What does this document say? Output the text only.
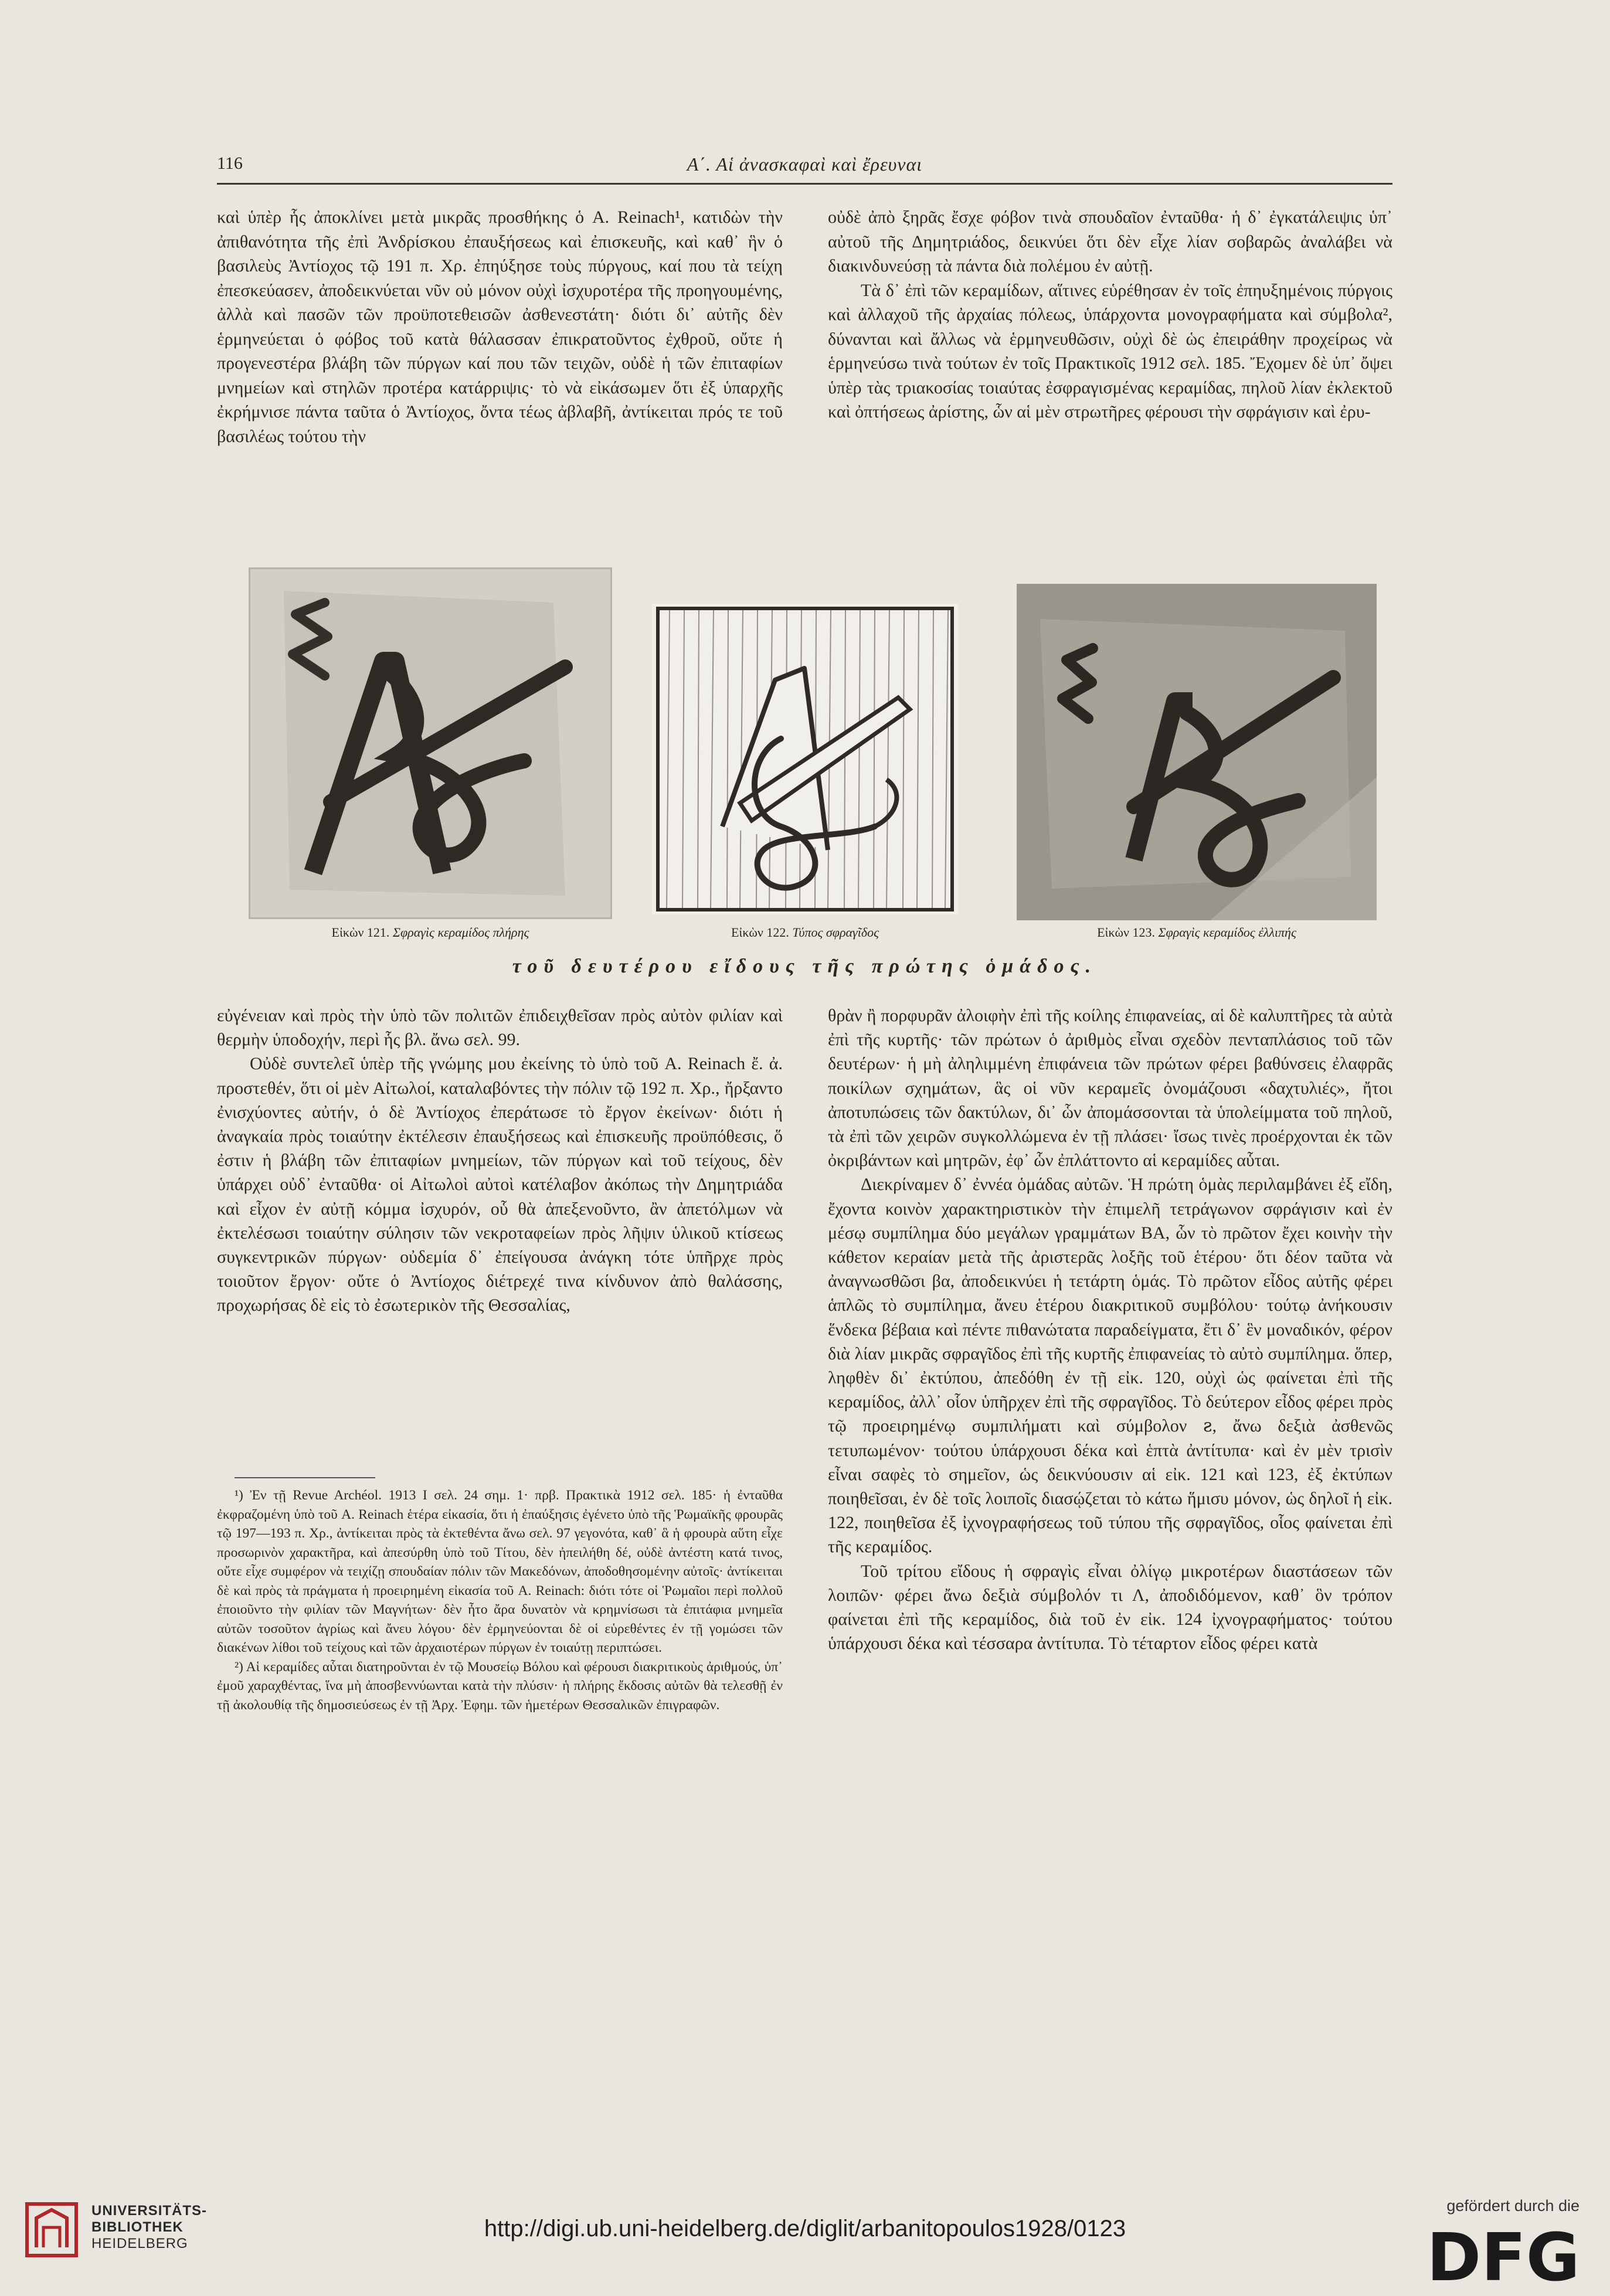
116	Α΄. Αἱ ἀνασκαφαὶ καὶ ἔρευναι

καὶ ὑπὲρ ἧς ἀποκλίνει μετὰ μικρᾶς προσθήκης ὁ A. Reinach¹, κατιδὼν τὴν ἀπιθανότητα τῆς ἐπὶ Ἀνδρίσκου ἐπαυξήσεως καὶ ἐπισκευῆς, καὶ καθ᾽ ἣν ὁ βασιλεὺς Ἀντίοχος τῷ 191 π. Χρ. ἐπηύξησε τοὺς πύργους, καί που τὰ τείχη ἐπεσκεύασεν, ἀποδεικνύεται νῦν οὐ μόνον οὐχὶ ἰσχυροτέρα τῆς προηγουμένης, ἀλλὰ καὶ πασῶν τῶν προϋποτεθεισῶν ἀσθενεστάτη· διότι δι᾽ αὐτῆς δὲν ἑρμηνεύεται ὁ φόβος τοῦ κατὰ θάλασσαν ἐπικρατοῦντος ἐχθροῦ, οὔτε ἡ προγενεστέρα βλάβη τῶν πύργων καί που τῶν τειχῶν, οὐδὲ ἡ τῶν ἐπιταφίων μνημείων καὶ στηλῶν προτέρα κατάρριψις· τὸ νὰ εἰκάσωμεν ὅτι ἐξ ὑπαρχῆς ἐκρήμνισε πάντα ταῦτα ὁ Ἀντίοχος, ὄντα τέως ἀβλαβῆ, ἀντίκειται πρός τε τοῦ βασιλέως τούτου τὴν

οὐδὲ ἀπὸ ξηρᾶς ἔσχε φόβον τινὰ σπουδαῖον ἐνταῦθα· ἡ δ᾽ ἐγκατάλειψις ὑπ᾽ αὐτοῦ τῆς Δημητριάδος, δεικνύει ὅτι δὲν εἶχε λίαν σοβαρῶς ἀναλάβει νὰ διακινδυνεύσῃ τὰ πάντα διὰ πολέμου ἐν αὐτῇ.

Τὰ δ᾽ ἐπὶ τῶν κεραμίδων, αἵτινες εὑρέθησαν ἐν τοῖς ἐπηυξημένοις πύργοις καὶ ἀλλαχοῦ τῆς ἀρχαίας πόλεως, ὑπάρχοντα μονογραφήματα καὶ σύμβολα², δύνανται καὶ ἄλλως νὰ ἑρμηνευθῶσιν, οὐχὶ δὲ ὡς ἐπειράθην προχείρως νὰ ἑρμηνεύσω τινὰ τούτων ἐν τοῖς Πρακτικοῖς 1912 σελ. 185. Ἔχομεν δὲ ὑπ᾽ ὄψει ὑπὲρ τὰς τριακοσίας τοιαύτας ἐσφραγισμένας κεραμίδας, πηλοῦ λίαν ἐκλεκτοῦ καὶ ὀπτήσεως ἀρίστης, ὧν αἱ μὲν στρωτῆρες φέρουσι τὴν σφράγισιν καὶ ἐρυ-

Εἰκὼν 121. Σφραγὶς κεραμίδος πλήρης	Εἰκὼν 122. Τύπος σφραγῖδος	Εἰκὼν 123. Σφραγὶς κεραμίδος ἐλλιπής
τοῦ δευτέρου εἴδους τῆς πρώτης ὁμάδος.

εὐγένειαν καὶ πρὸς τὴν ὑπὸ τῶν πολιτῶν ἐπιδειχθεῖσαν πρὸς αὐτὸν φιλίαν καὶ θερμὴν ὑποδοχήν, περὶ ἧς βλ. ἄνω σελ. 99.

Οὐδὲ συντελεῖ ὑπὲρ τῆς γνώμης μου ἐκείνης τὸ ὑπὸ τοῦ A. Reinach ἔ. ἀ. προστεθέν, ὅτι οἱ μὲν Αἰτωλοί, καταλαβόντες τὴν πόλιν τῷ 192 π. Χρ., ἤρξαντο ἐνισχύοντες αὐτήν, ὁ δὲ Ἀντίοχος ἐπεράτωσε τὸ ἔργον ἐκείνων· διότι ἡ ἀναγκαία πρὸς τοιαύτην ἐκτέλεσιν ἐπαυξήσεως καὶ ἐπισκευῆς προϋπόθεσις, ὅ ἐστιν ἡ βλάβη τῶν ἐπιταφίων μνημείων, τῶν πύργων καὶ τοῦ τείχους, δὲν ὑπάρχει οὐδ᾽ ἐνταῦθα· οἱ Αἰτωλοὶ αὐτοὶ κατέλαβον ἀκόπως τὴν Δημητριάδα καὶ εἶχον ἐν αὐτῇ κόμμα ἰσχυρόν, οὗ θὰ ἀπεξενοῦντο, ἂν ἀπετόλμων νὰ ἐκτελέσωσι τοιαύτην σύλησιν τῶν νεκροταφείων πρὸς λῆψιν ὑλικοῦ κτίσεως συγκεντρικῶν πύργων· οὐδεμία δ᾽ ἐπείγουσα ἀνάγκη τότε ὑπῆρχε πρὸς τοιοῦτον ἔργον· οὔτε ὁ Ἀντίοχος διέτρεχέ τινα κίνδυνον ἀπὸ θαλάσσης, προχωρήσας δὲ εἰς τὸ ἐσωτερικὸν τῆς Θεσσαλίας,

¹) Ἐν τῇ Revue Archéol. 1913 I σελ. 24 σημ. 1· πρβ. Πρακτικὰ 1912 σελ. 185· ἡ ἐνταῦθα ἐκφραζομένη ὑπὸ τοῦ A. Reinach ἑτέρα εἰκασία, ὅτι ἡ ἐπαύξησις ἐγένετο ὑπὸ τῆς Ῥωμαϊκῆς φρουρᾶς τῷ 197—193 π. Χρ., ἀντίκειται πρὸς τὰ ἐκτεθέντα ἄνω σελ. 97 γεγονότα, καθ᾽ ἃ ἡ φρουρὰ αὕτη εἶχε προσωρινὸν χαρακτῆρα, καὶ ἀπεσύρθη ὑπὸ τοῦ Τίτου, δὲν ἠπειλήθη δέ, οὐδὲ ἀντέστη κατά τινος, οὔτε εἶχε συμφέρον νὰ τειχίζῃ σπουδαίαν πόλιν τῶν Μακεδόνων, ἀποδοθησομένην αὐτοῖς· ἀντίκειται δὲ καὶ πρὸς τὰ πράγματα ἡ προειρημένη εἰκασία τοῦ A. Reinach: διότι τότε οἱ Ῥωμαῖοι περὶ πολλοῦ ἐποιοῦντο τὴν φιλίαν τῶν Μαγνήτων· δὲν ἦτο ἄρα δυνατὸν νὰ κρημνίσωσι τὰ ἐπιτάφια μνημεῖα αὐτῶν τοσοῦτον ἀγρίως καὶ ἄνευ λόγου· δὲν ἑρμηνεύονται δὲ οἱ εὑρεθέντες ἐν τῇ γομώσει τῶν διακένων λίθοι τοῦ τείχους καὶ τῶν ἀρχαιοτέρων πύργων ἐν τοιαύτῃ περιπτώσει.

²) Αἱ κεραμίδες αὗται διατηροῦνται ἐν τῷ Μουσείῳ Βόλου καὶ φέρουσι διακριτικοὺς ἀριθμούς, ὑπ᾽ ἐμοῦ χαραχθέντας, ἵνα μὴ ἀποσβεννύωνται κατὰ τὴν πλύσιν· ἡ πλήρης ἔκδοσις αὐτῶν θὰ τελεσθῇ ἐν τῇ ἀκολουθίᾳ τῆς δημοσιεύσεως ἐν τῇ Ἀρχ. Ἐφημ. τῶν ἡμετέρων Θεσσαλικῶν ἐπιγραφῶν.

θρὰν ἢ πορφυρᾶν ἀλοιφὴν ἐπὶ τῆς κοίλης ἐπιφανείας, αἱ δὲ καλυπτῆρες τὰ αὐτὰ ἐπὶ τῆς κυρτῆς· τῶν πρώτων ὁ ἀριθμὸς εἶναι σχεδὸν πενταπλάσιος τοῦ τῶν δευτέρων· ἡ μὴ ἀληλιμμένη ἐπιφάνεια τῶν πρώτων φέρει βαθύνσεις ἐλαφρᾶς ποικίλων σχημάτων, ἃς οἱ νῦν κεραμεῖς ὀνομάζουσι «δαχτυλιές», ἤτοι ἀποτυπώσεις τῶν δακτύλων, δι᾽ ὧν ἀπομάσσονται τὰ ὑπολείμματα τοῦ πηλοῦ, τὰ ἐπὶ τῶν χειρῶν συγκολλώμενα ἐν τῇ πλάσει· ἴσως τινὲς προέρχονται ἐκ τῶν ὀκριβάντων καὶ μητρῶν, ἐφ᾽ ὧν ἐπλάττοντο αἱ κεραμίδες αὗται.

Διεκρίναμεν δ᾽ ἐννέα ὁμάδας αὐτῶν. Ἡ πρώτη ὁμὰς περιλαμβάνει ἐξ εἴδη, ἔχοντα κοινὸν χαρακτηριστικὸν τὴν ἐπιμελῆ τετράγωνον σφράγισιν καὶ ἐν μέσῳ συμπίλημα δύο μεγάλων γραμμάτων ΒΑ, ὧν τὸ πρῶτον ἔχει κοινὴν τὴν κάθετον κεραίαν μετὰ τῆς ἀριστερᾶς λοξῆς τοῦ ἑτέρου· ὅτι δέον ταῦτα νὰ ἀναγνωσθῶσι βα, ἀποδεικνύει ἡ τετάρτη ὁμάς. Τὸ πρῶτον εἶδος αὐτῆς φέρει ἁπλῶς τὸ συμπίλημα, ἄνευ ἑτέρου διακριτικοῦ συμβόλου· τούτῳ ἀνήκουσιν ἕνδεκα βέβαια καὶ πέντε πιθανώτατα παραδείγματα, ἔτι δ᾽ ἓν μοναδικόν, φέρον διὰ λίαν μικρᾶς σφραγῖδος ἐπὶ τῆς κυρτῆς ἐπιφανείας τὸ αὐτὸ συμπίλημα. ὅπερ, ληφθὲν δι᾽ ἐκτύπου, ἀπεδόθη ἐν τῇ εἰκ. 120, οὐχὶ ὡς φαίνεται ἐπὶ τῆς κεραμίδος, ἀλλ᾽ οἷον ὑπῆρχεν ἐπὶ τῆς σφραγῖδος. Τὸ δεύτερον εἶδος φέρει πρὸς τῷ προειρημένῳ συμπιλήματι καὶ σύμβολον ꙅ, ἄνω δεξιὰ ἀσθενῶς τετυπωμένον· τούτου ὑπάρχουσι δέκα καὶ ἑπτὰ ἀντίτυπα· καὶ ἐν μὲν τρισὶν εἶναι σαφὲς τὸ σημεῖον, ὡς δεικνύουσιν αἱ εἰκ. 121 καὶ 123, ἐξ ἐκτύπων ποιηθεῖσαι, ἐν δὲ τοῖς λοιποῖς διασῴζεται τὸ κάτω ἥμισυ μόνον, ὡς δηλοῖ ἡ εἰκ. 122, ποιηθεῖσα ἐξ ἰχνογραφήσεως τοῦ τύπου τῆς σφραγῖδος, οἷος φαίνεται ἐπὶ τῆς κεραμίδος.

Τοῦ τρίτου εἴδους ἡ σφραγὶς εἶναι ὀλίγῳ μικροτέρων διαστάσεων τῶν λοιπῶν· φέρει ἄνω δεξιὰ σύμβολόν τι Λ, ἀποδιδόμενον, καθ᾽ ὃν τρόπον φαίνεται ἐπὶ τῆς κεραμίδος, διὰ τοῦ ἐν εἰκ. 124 ἰχνογραφήματος· τούτου ὑπάρχουσι δέκα καὶ τέσσαρα ἀντίτυπα. Τὸ τέταρτον εἶδος φέρει κατὰ

UNIVERSITÄTS-
BIBLIOTHEK
HEIDELBERG
http://digi.ub.uni-heidelberg.de/diglit/arbanitopoulos1928/0123
gefördert durch die
DFG
